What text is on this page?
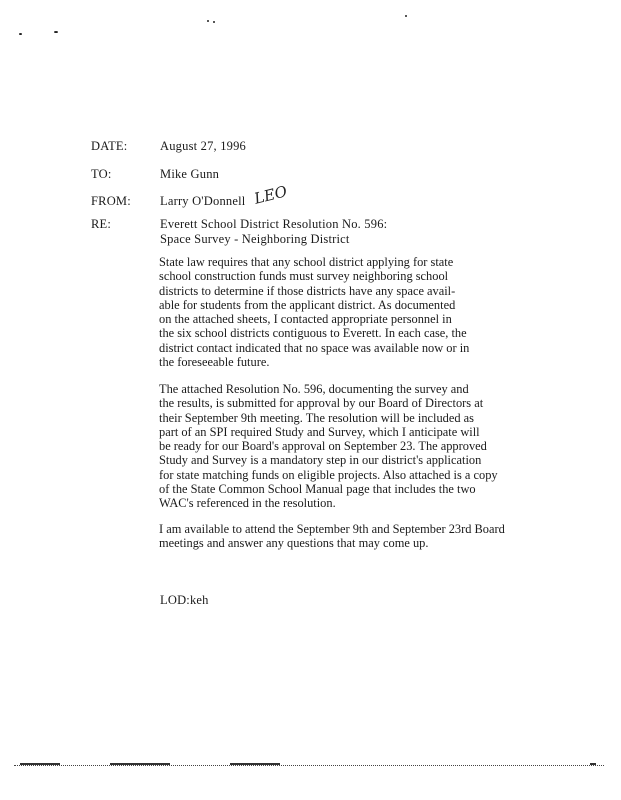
DATE:	August 27, 1996
TO:	Mike Gunn
FROM: Larry O'Donnell LEO
RE:	Everett School District Resolution No. 596:
Space Survey - Neighboring District

State law requires that any school district applying for state
school construction funds must survey neighboring school
districts to determine if those districts have any space avail-
able for students from the applicant district. As documented
on the attached sheets, I contacted appropriate personnel in
the six school districts contiguous to Everett. In each case, the
district contact indicated that no space was available now or in
the foreseeable future.

The attached Resolution No. 596, documenting the survey and
the results, is submitted for approval by our Board of Directors at
their September 9th meeting. The resolution will be included as
part of an SPI required Study and Survey, which I anticipate will
be ready for our Board's approval on September 23. The approved
Study and Survey is a mandatory step in our district's application
for state matching funds on eligible projects. Also attached is a copy
of the State Common School Manual page that includes the two
WAC's referenced in the resolution.

I am available to attend the September 9th and September 23rd Board
meetings and answer any questions that may come up.

LOD:keh
